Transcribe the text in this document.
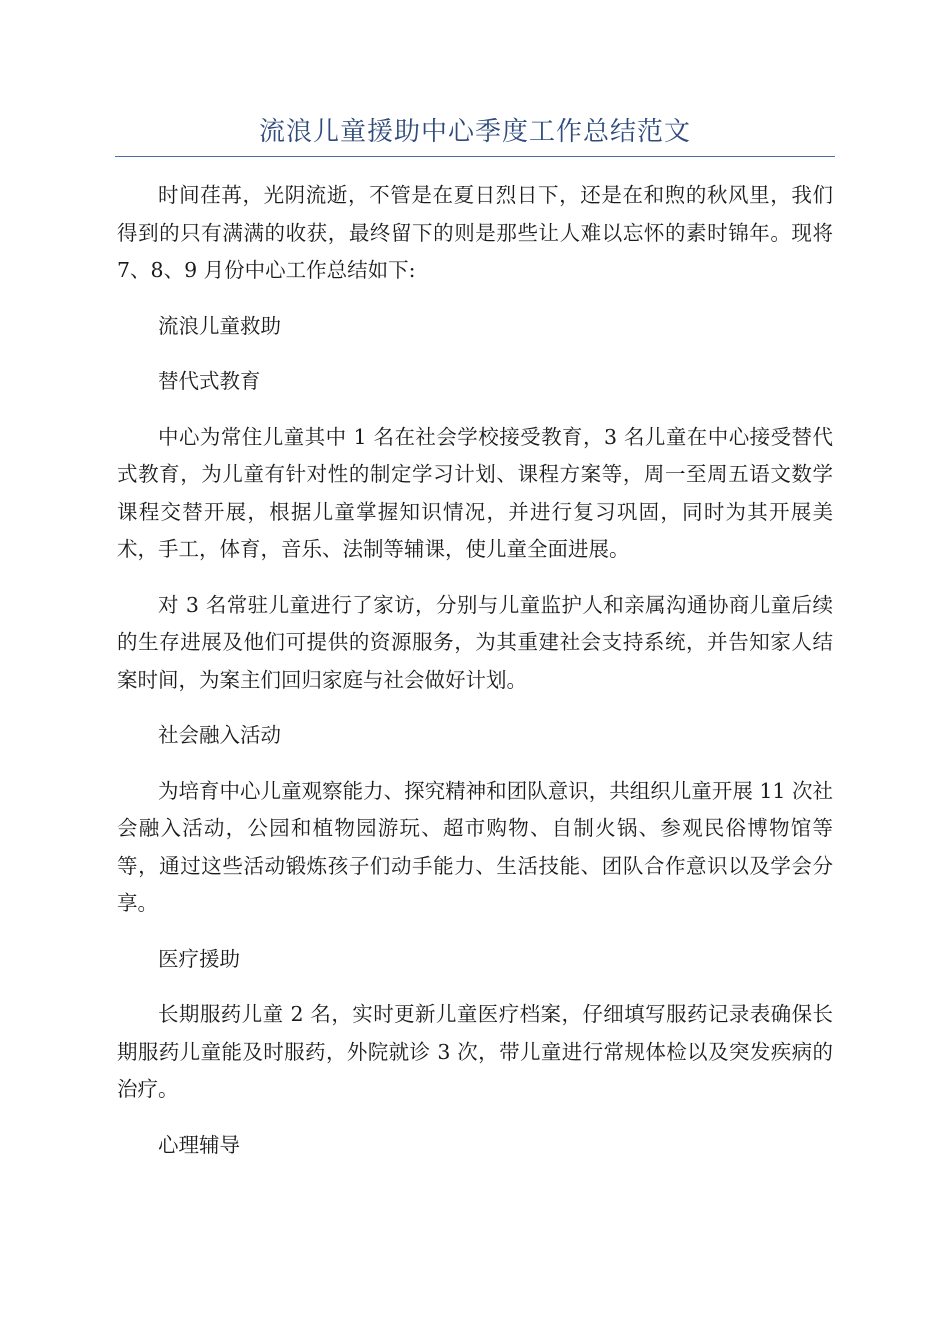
流浪儿童援助中心季度工作总结范文

时间荏苒，光阴流逝，不管是在夏日烈日下，还是在和煦的秋风里，我们得到的只有满满的收获，最终留下的则是那些让人难以忘怀的素时锦年。现将 7、8、9 月份中心工作总结如下:

流浪儿童救助

替代式教育

中心为常住儿童其中 1 名在社会学校接受教育，3 名儿童在中心接受替代式教育，为儿童有针对性的制定学习计划、课程方案等，周一至周五语文数学课程交替开展，根据儿童掌握知识情况，并进行复习巩固，同时为其开展美术，手工，体育，音乐、法制等辅课，使儿童全面进展。

对 3 名常驻儿童进行了家访，分别与儿童监护人和亲属沟通协商儿童后续的生存进展及他们可提供的资源服务，为其重建社会支持系统，并告知家人结案时间，为案主们回归家庭与社会做好计划。

社会融入活动

为培育中心儿童观察能力、探究精神和团队意识，共组织儿童开展 11 次社会融入活动，公园和植物园游玩、超市购物、自制火锅、参观民俗博物馆等等，通过这些活动锻炼孩子们动手能力、生活技能、团队合作意识以及学会分享。

医疗援助

长期服药儿童 2 名，实时更新儿童医疗档案，仔细填写服药记录表确保长期服药儿童能及时服药，外院就诊 3 次，带儿童进行常规体检以及突发疾病的治疗。

心理辅导
